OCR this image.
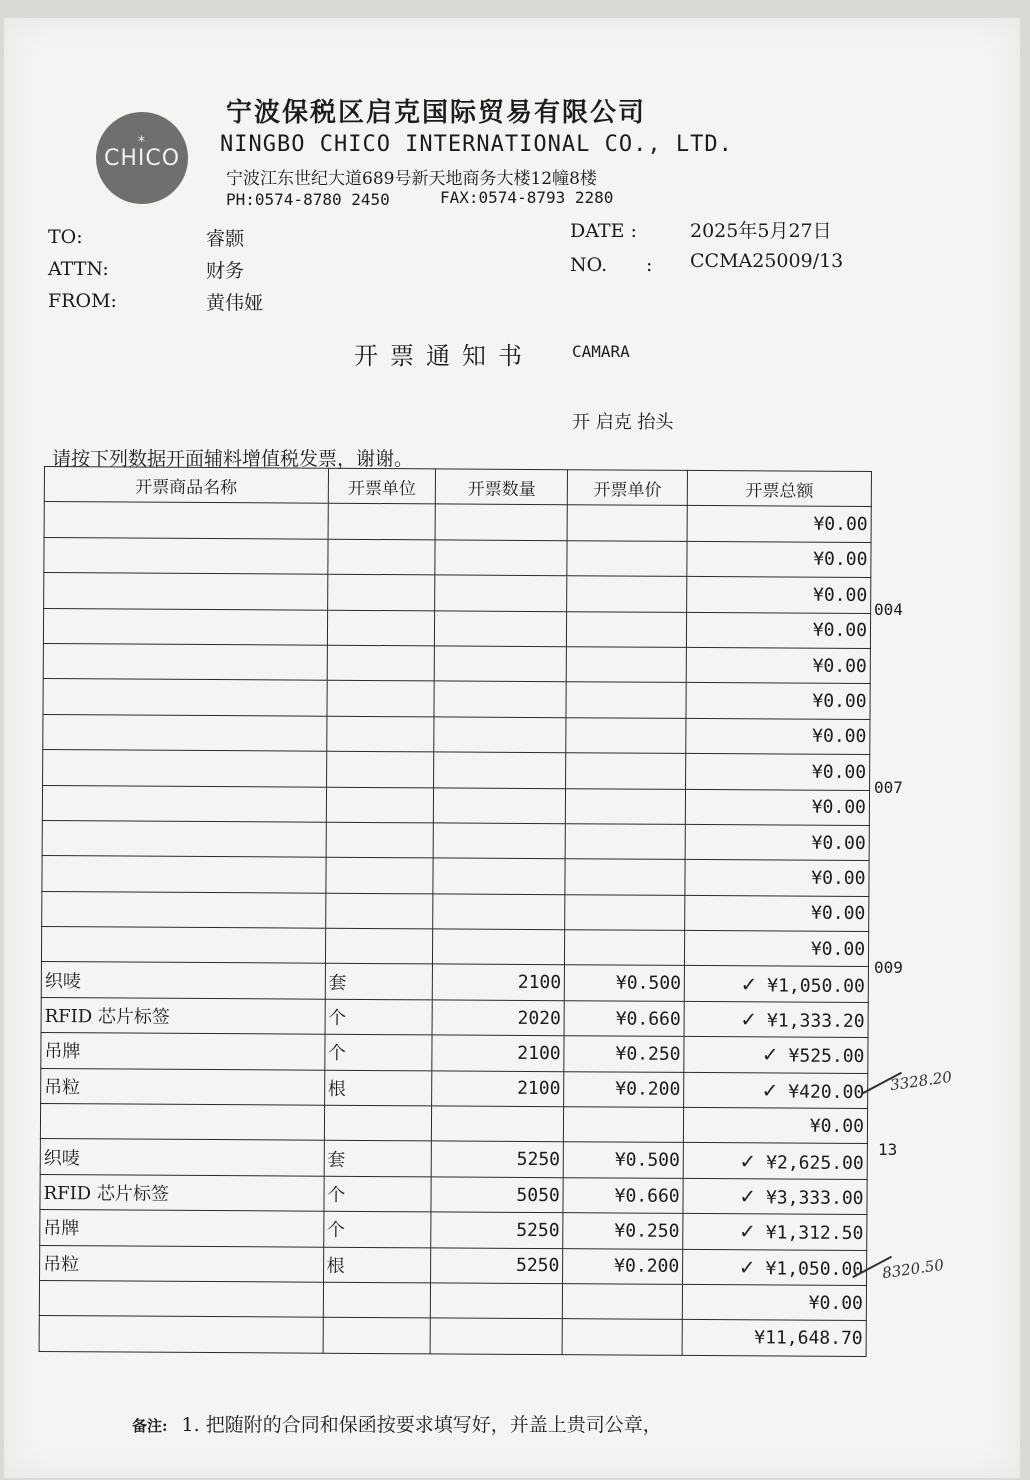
*
CHICO
宁波保税区启克国际贸易有限公司
NINGBO CHICO INTERNATIONAL CO., LTD.
宁波江东世纪大道689号新天地商务大楼12幢8楼
PH:0574-8780 2450	FAX:0574-8793 2280
TO:	睿颢
ATTN:	财务
FROM:	黄伟娅
DATE :	2025年5月27日
NO. : CCMA25009/13
开票通知书 CAMARA
开 启克 抬头
请按下列数据开面辅料增值税发票，谢谢。
开票商品名称	开票单位	开票数量	开票单价	开票总额
				¥0.00
				¥0.00
				¥0.00
				¥0.00
				¥0.00
				¥0.00
				¥0.00
				¥0.00
				¥0.00
				¥0.00
				¥0.00
				¥0.00
				¥0.00
织唛	套	2100	¥0.500	✓ ¥1,050.00
RFID 芯片标签	个	2020	¥0.660	✓ ¥1,333.20
吊牌	个	2100	¥0.250	✓ ¥525.00
吊粒	根	2100	¥0.200	✓ ¥420.00
				¥0.00
织唛	套	5250	¥0.500	✓ ¥2,625.00
RFID 芯片标签	个	5050	¥0.660	✓ ¥3,333.00
吊牌	个	5250	¥0.250	✓ ¥1,312.50
吊粒	根	5250	¥0.200	✓ ¥1,050.00
				¥0.00
				¥11,648.70
004
007
009
13
3328.20
8320.50
备注: 1. 把随附的合同和保函按要求填写好，并盖上贵司公章，
